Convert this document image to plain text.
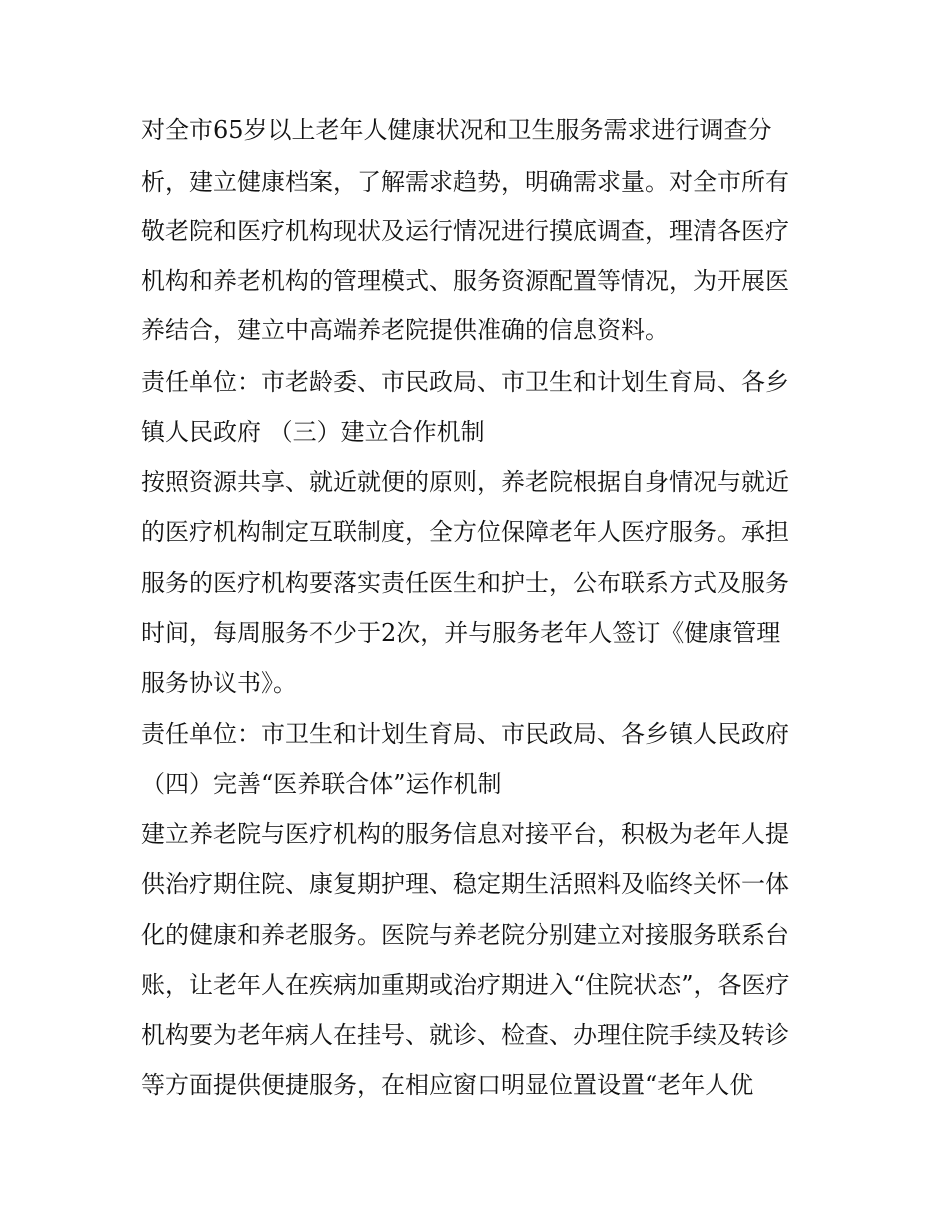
对全市65岁以上老年人健康状况和卫生服务需求进行调查分
析，建立健康档案，了解需求趋势，明确需求量。对全市所有
敬老院和医疗机构现状及运行情况进行摸底调查，理清各医疗
机构和养老机构的管理模式、服务资源配置等情况，为开展医
养结合，建立中高端养老院提供准确的信息资料。
责任单位：市老龄委、市民政局、市卫生和计划生育局、各乡
镇人民政府 （三）建立合作机制
按照资源共享、就近就便的原则，养老院根据自身情况与就近
的医疗机构制定互联制度，全方位保障老年人医疗服务。承担
服务的医疗机构要落实责任医生和护士，公布联系方式及服务
时间，每周服务不少于2次，并与服务老年人签订《健康管理
服务协议书》。
责任单位：市卫生和计划生育局、市民政局、各乡镇人民政府
（四）完善“医养联合体”运作机制
建立养老院与医疗机构的服务信息对接平台，积极为老年人提
供治疗期住院、康复期护理、稳定期生活照料及临终关怀一体
化的健康和养老服务。医院与养老院分别建立对接服务联系台
账，让老年人在疾病加重期或治疗期进入“住院状态”，各医疗
机构要为老年病人在挂号、就诊、检查、办理住院手续及转诊
等方面提供便捷服务，在相应窗口明显位置设置“老年人优
